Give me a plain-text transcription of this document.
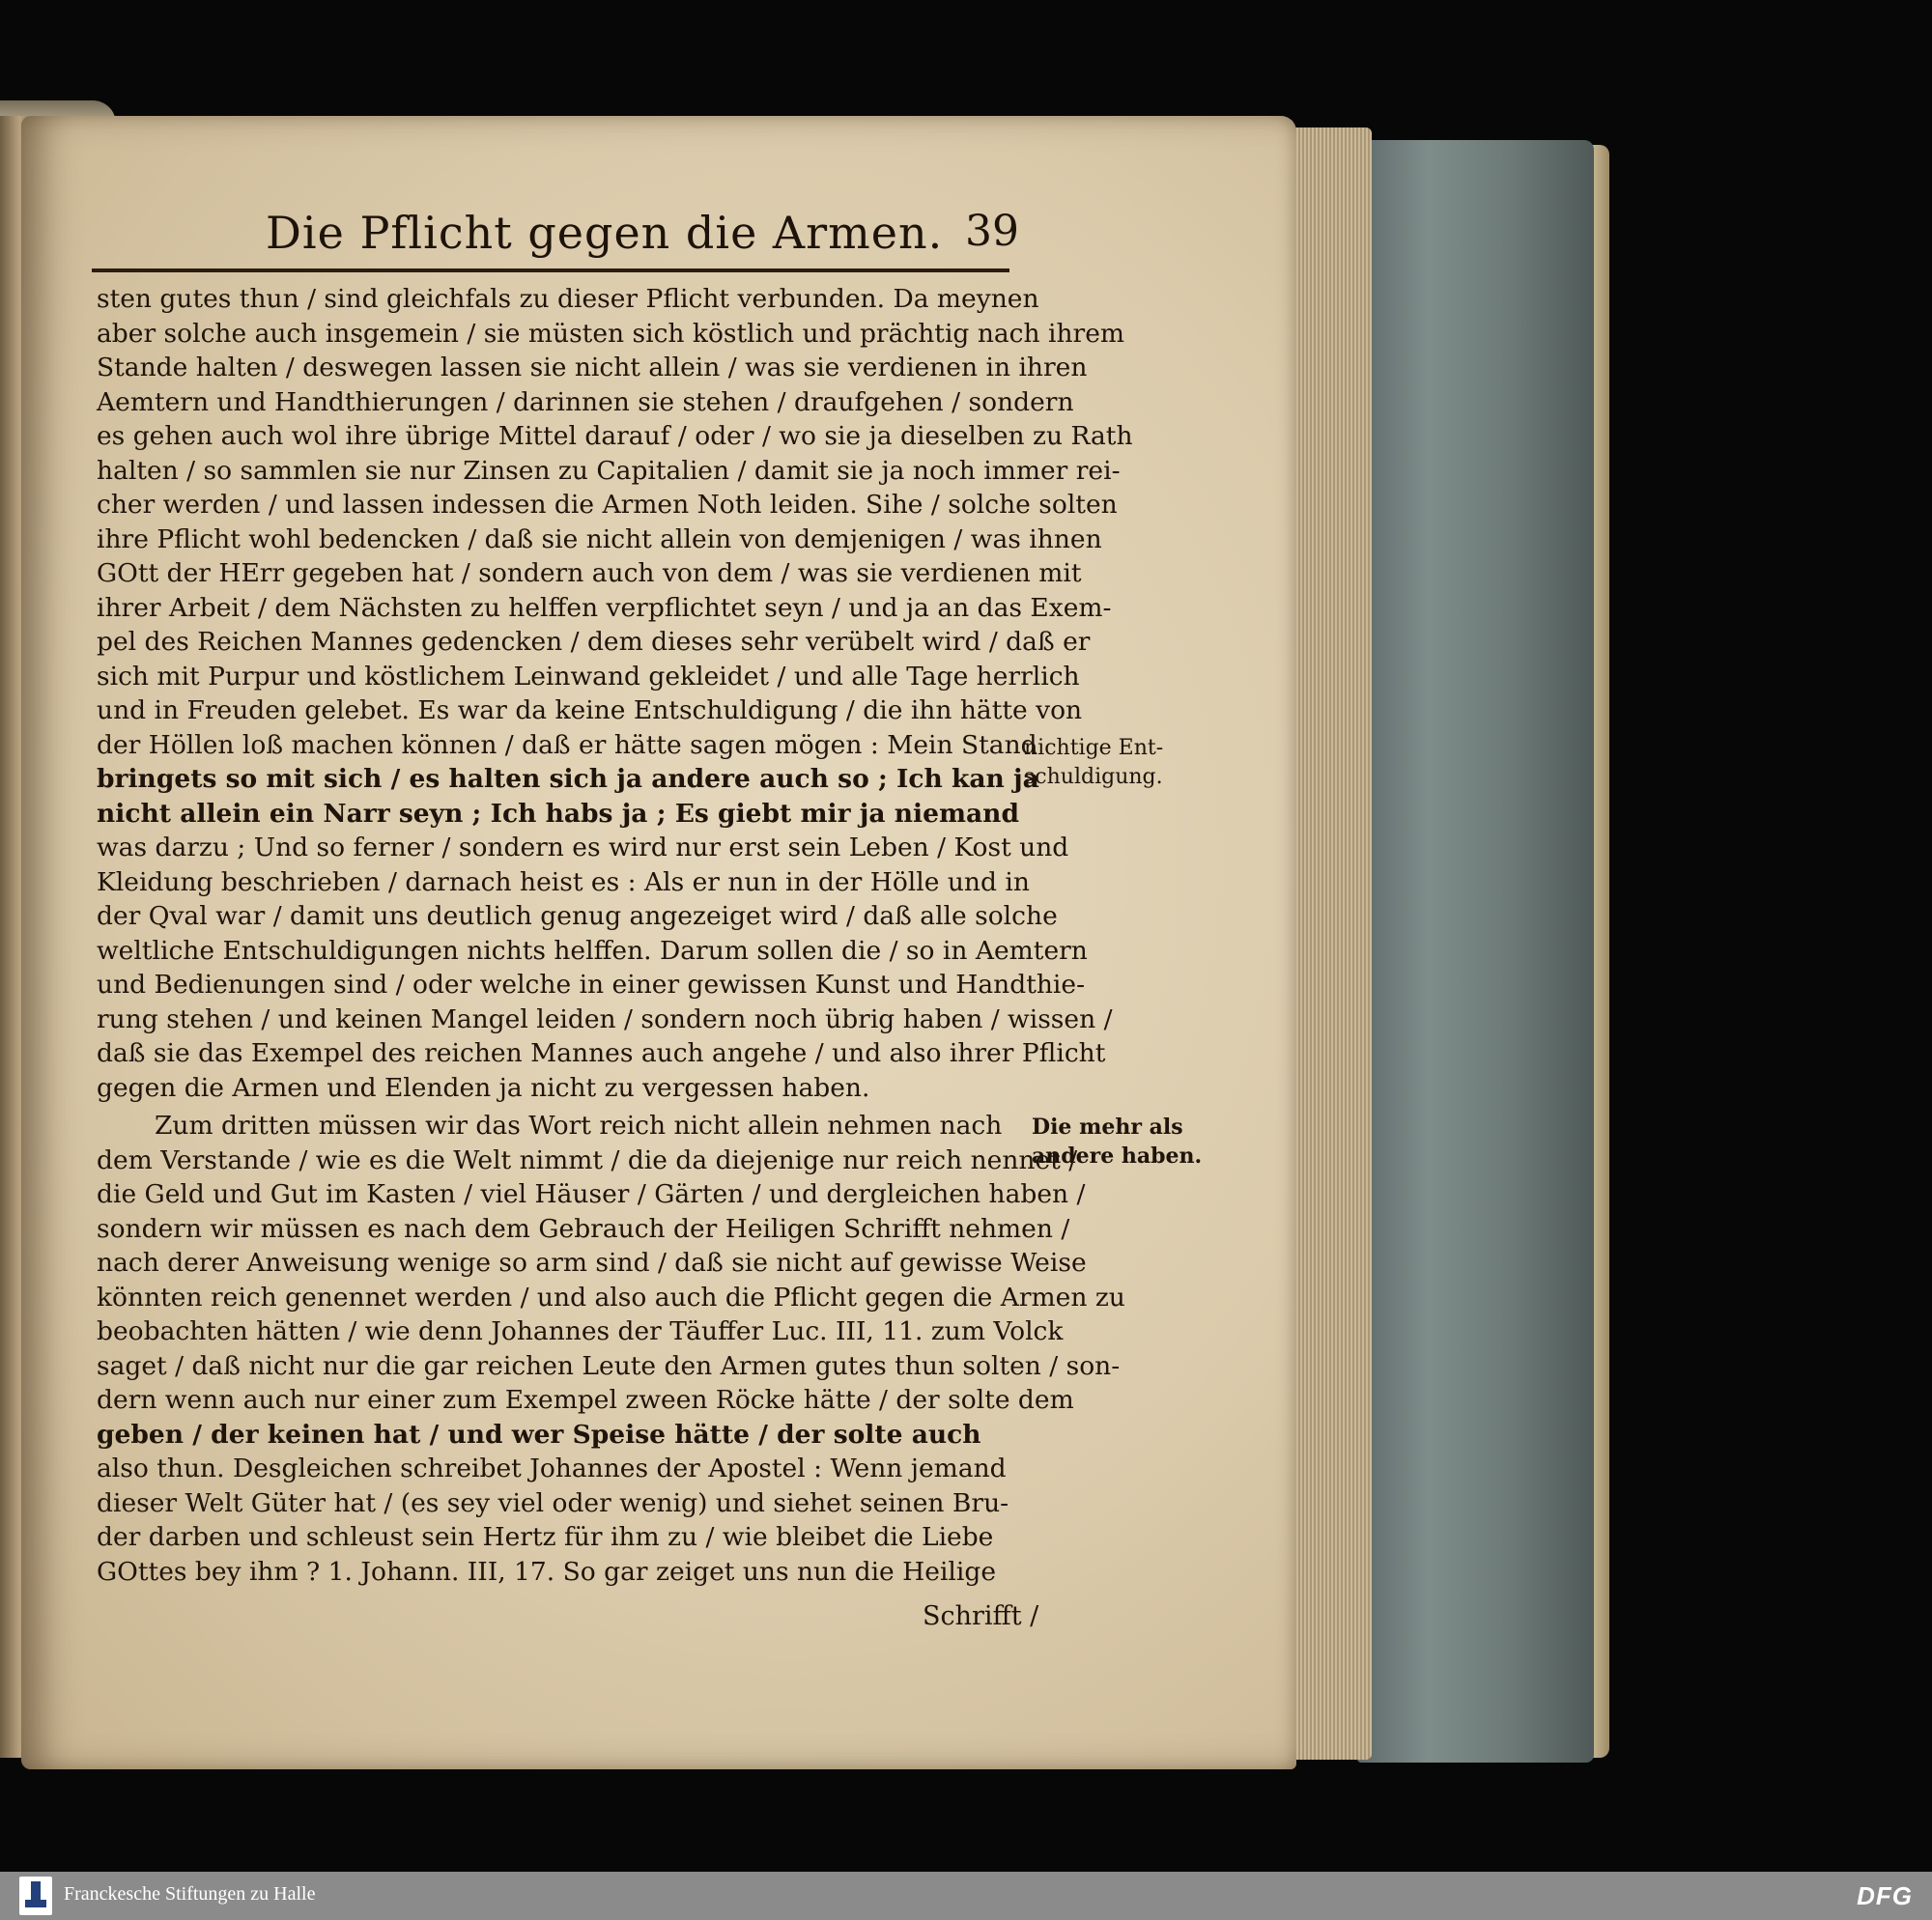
Die Pflicht gegen die Armen. 39
sten gutes thun / sind gleichfals zu dieser Pflicht verbunden. Da meynen
aber solche auch insgemein / sie müsten sich köstlich und prächtig nach ihrem
Stande halten / deswegen lassen sie nicht allein / was sie verdienen in ihren
Aemtern und Handthierungen / darinnen sie stehen / draufgehen / sondern
es gehen auch wol ihre übrige Mittel darauf / oder / wo sie ja dieselben zu Rath
halten / so sammlen sie nur Zinsen zu Capitalien / damit sie ja noch immer rei-
cher werden / und lassen indessen die Armen Noth leiden. Sihe / solche solten
ihre Pflicht wohl bedencken / daß sie nicht allein von demjenigen / was ihnen
GOtt der HErr gegeben hat / sondern auch von dem / was sie verdienen mit
ihrer Arbeit / dem Nächsten zu helffen verpflichtet seyn / und ja an das Exem-
pel des Reichen Mannes gedencken / dem dieses sehr verübelt wird / daß er
sich mit Purpur und köstlichem Leinwand gekleidet / und alle Tage herrlich
und in Freuden gelebet. Es war da keine Entschuldigung / die ihn hätte von
der Höllen loß machen können / daß er hätte sagen mögen : Mein Stand
bringets so mit sich / es halten sich ja andere auch so ; Ich kan ja
nicht allein ein Narr seyn ; Ich habs ja ; Es giebt mir ja niemand
was darzu ; Und so ferner / sondern es wird nur erst sein Leben / Kost und
Kleidung beschrieben / darnach heist es : Als er nun in der Hölle und in
der Qval war / damit uns deutlich genug angezeiget wird / daß alle solche
weltliche Entschuldigungen nichts helffen. Darum sollen die / so in Aemtern
und Bedienungen sind / oder welche in einer gewissen Kunst und Handthie-
rung stehen / und keinen Mangel leiden / sondern noch übrig haben / wissen /
daß sie das Exempel des reichen Mannes auch angehe / und also ihrer Pflicht
gegen die Armen und Elenden ja nicht zu vergessen haben.
Zum dritten müssen wir das Wort reich nicht allein nehmen nach
dem Verstande / wie es die Welt nimmt / die da diejenige nur reich nennet /
die Geld und Gut im Kasten / viel Häuser / Gärten / und dergleichen haben /
sondern wir müssen es nach dem Gebrauch der Heiligen Schrifft nehmen /
nach derer Anweisung wenige so arm sind / daß sie nicht auf gewisse Weise
könnten reich genennet werden / und also auch die Pflicht gegen die Armen zu
beobachten hätten / wie denn Johannes der Täuffer Luc. III, 11. zum Volck
saget / daß nicht nur die gar reichen Leute den Armen gutes thun solten / son-
dern wenn auch nur einer zum Exempel zween Röcke hätte / der solte dem
geben / der keinen hat / und wer Speise hätte / der solte auch
also thun. Desgleichen schreibet Johannes der Apostel : Wenn jemand
dieser Welt Güter hat / (es sey viel oder wenig) und siehet seinen Bru-
der darben und schleust sein Hertz für ihm zu / wie bleibet die Liebe
GOttes bey ihm ? 1. Johann. III, 17. So gar zeiget uns nun die Heilige
Schrifft /
nichtige Ent-
schuldigung.
Die mehr als
andere haben.
Franckesche Stiftungen zu Halle	DFG
